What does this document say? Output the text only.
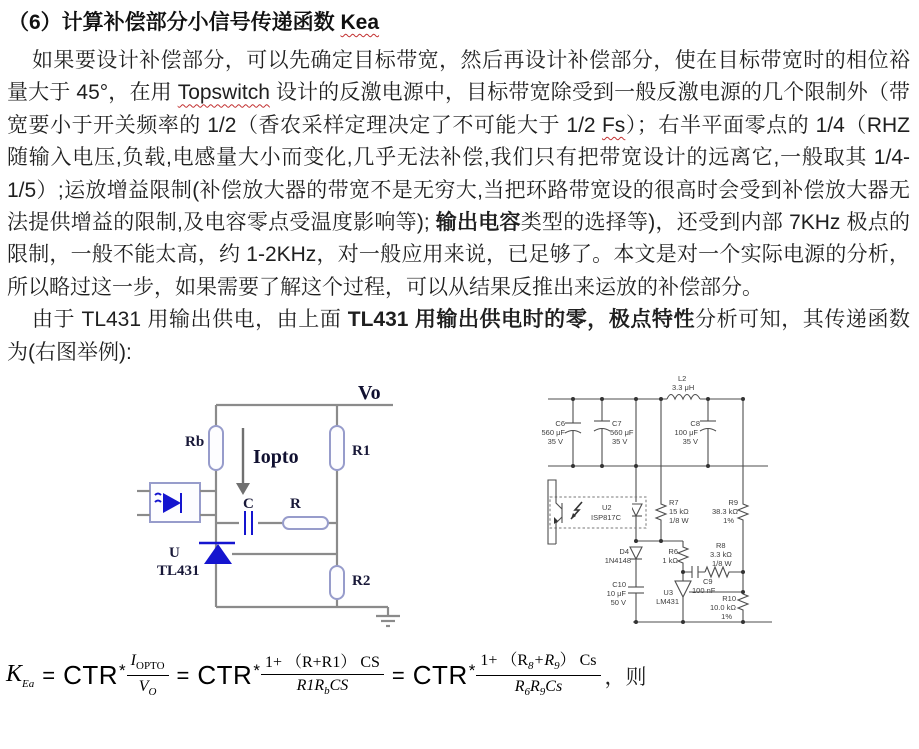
（6）计算补偿部分小信号传递函数 Kea
如果要设计补偿部分，可以先确定目标带宽，然后再设计补偿部分，使在目标带宽时的相位裕量大于 45°，在用 Topswitch 设计的反激电源中，目标带宽除受到一般反激电源的几个限制外（带宽要小于开关频率的 1/2（香农采样定理决定了不可能大于 1/2 Fs）；右半平面零点的 1/4（RHZ 随输入电压,负载,电感量大小而变化,几乎无法补偿,我们只有把带宽设计的远离它,一般取其 1/4-1/5）;运放增益限制(补偿放大器的带宽不是无穷大,当把环路带宽设的很高时会受到补偿放大器无法提供增益的限制,及电容零点受温度影响等); 输出电容类型的选择等)，还受到内部 7KHz 极点的限制，一般不能太高，约 1-2KHz，对一般应用来说，已足够了。本文是对一个实际电源的分析，所以略过这一步，如果需要了解这个过程，可以从结果反推出来运放的补偿部分。
由于 TL431 用输出供电，由上面 TL431 用输出供电时的零，极点特性分析可知，其传递函数为(右图举例):
Vo
Rb
Iopto	R1
C R
U
TL431
R2
L2
3.3 μH
C6
560 μF
35 V
C7
560 μF
35 V
C8
100 μF
35 V
U2
ISP817C
R7
15 kΩ
1/8 W
R9
38.3 kΩ
1%
D4
1N4148
C10
10 μF
50 V
R6
1 kΩ
R8
3.3 kΩ
1/8 W
C9
100 nF
U3
LM431	R10
10.0 kΩ
1%
$K_{Ea}$ = CTR * $\frac{I_{OPTO}}{V_O}$ = CTR * $\frac{1+ (R+R1) CS}{R1R_bCS}$ = CTR * $\frac{1+ (R_8+R_9) Cs}{R_6R_9Cs}$ ，则
